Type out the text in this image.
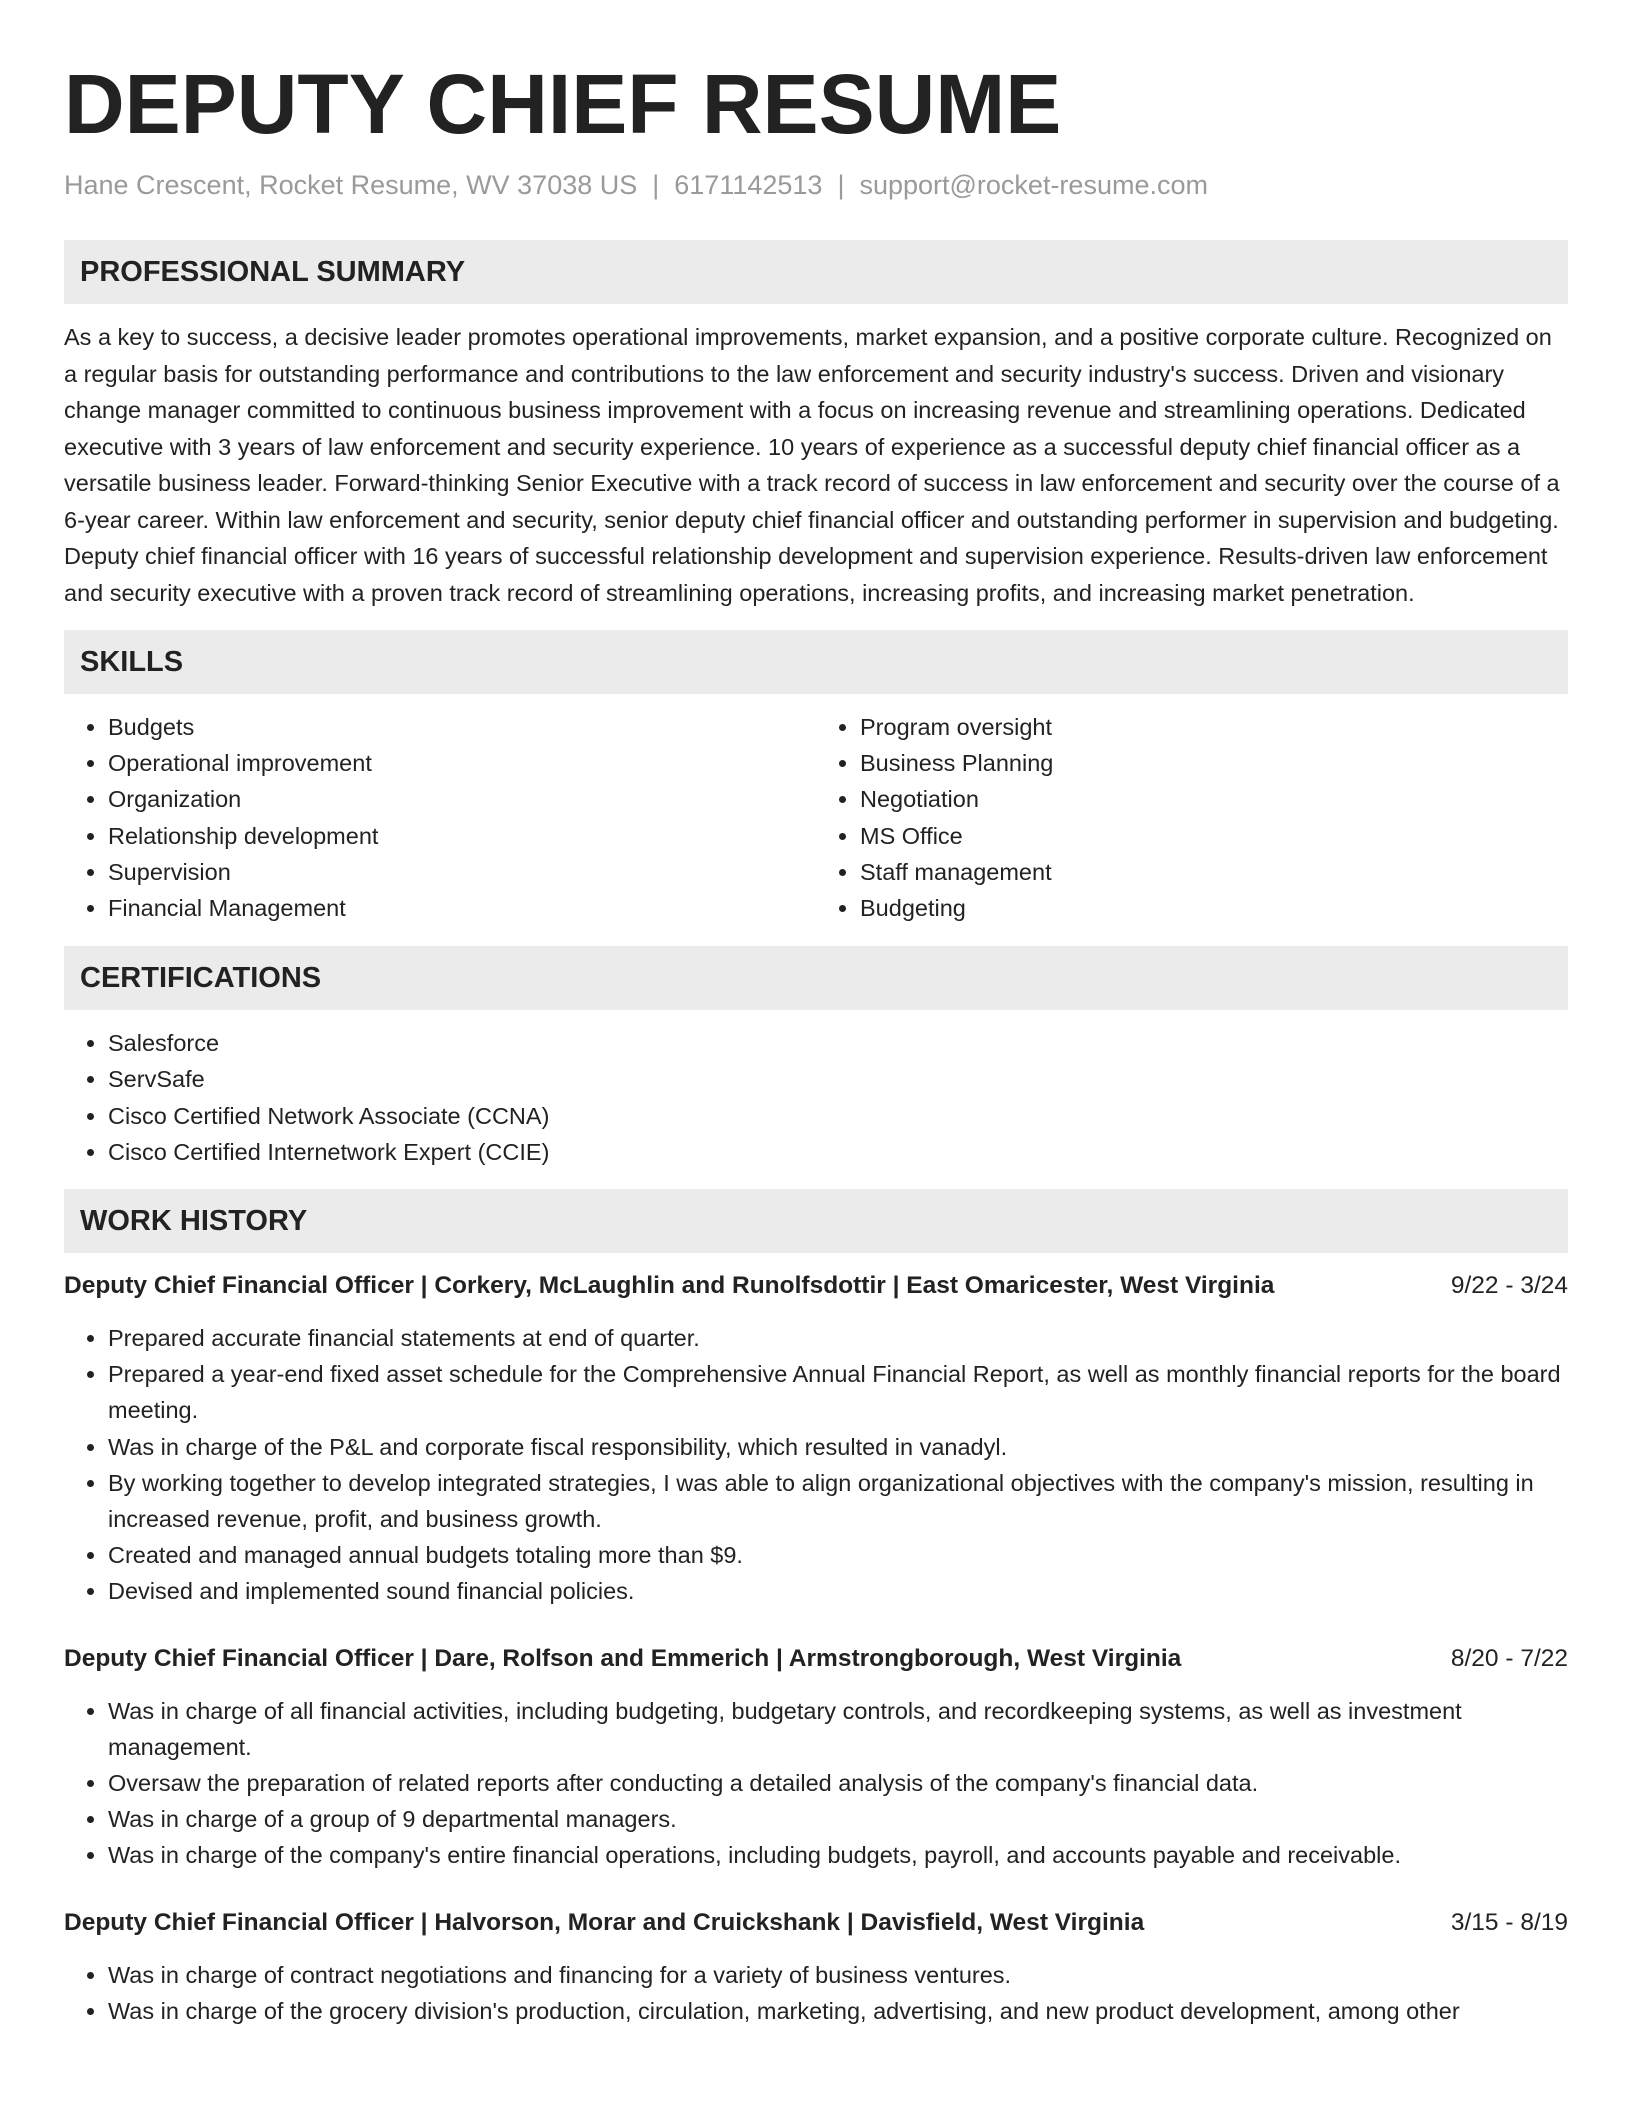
DEPUTY CHIEF RESUME
Hane Crescent, Rocket Resume, WV 37038 US | 6171142513 | support@rocket-resume.com
PROFESSIONAL SUMMARY

As a key to success, a decisive leader promotes operational improvements, market expansion, and a positive corporate culture. Recognized on a regular basis for outstanding performance and contributions to the law enforcement and security industry's success. Driven and visionary change manager committed to continuous business improvement with a focus on increasing revenue and streamlining operations. Dedicated executive with 3 years of law enforcement and security experience. 10 years of experience as a successful deputy chief financial officer as a versatile business leader. Forward-thinking Senior Executive with a track record of success in law enforcement and security over the course of a 6-year career. Within law enforcement and security, senior deputy chief financial officer and outstanding performer in supervision and budgeting. Deputy chief financial officer with 16 years of successful relationship development and supervision experience. Results-driven law enforcement and security executive with a proven track record of streamlining operations, increasing profits, and increasing market penetration.

SKILLS
• Budgets
• Operational improvement
• Organization
• Relationship development
• Supervision
• Financial Management
• Program oversight
• Business Planning
• Negotiation
• MS Office
• Staff management
• Budgeting
CERTIFICATIONS
• Salesforce
• ServSafe
• Cisco Certified Network Associate (CCNA)
• Cisco Certified Internetwork Expert (CCIE)
WORK HISTORY
Deputy Chief Financial Officer | Corkery, McLaughlin and Runolfsdottir | East Omaricester, West Virginia	9/22 - 3/24
• Prepared accurate financial statements at end of quarter.
• Prepared a year-end fixed asset schedule for the Comprehensive Annual Financial Report, as well as monthly financial reports for the board meeting.
• Was in charge of the P&L and corporate fiscal responsibility, which resulted in vanadyl.
• By working together to develop integrated strategies, I was able to align organizational objectives with the company's mission, resulting in increased revenue, profit, and business growth.
• Created and managed annual budgets totaling more than $9.
• Devised and implemented sound financial policies.
Deputy Chief Financial Officer | Dare, Rolfson and Emmerich | Armstrongborough, West Virginia	8/20 - 7/22
• Was in charge of all financial activities, including budgeting, budgetary controls, and recordkeeping systems, as well as investment management.
• Oversaw the preparation of related reports after conducting a detailed analysis of the company's financial data.
• Was in charge of a group of 9 departmental managers.
• Was in charge of the company's entire financial operations, including budgets, payroll, and accounts payable and receivable.
Deputy Chief Financial Officer | Halvorson, Morar and Cruickshank | Davisfield, West Virginia	3/15 - 8/19
• Was in charge of contract negotiations and financing for a variety of business ventures.
• Was in charge of the grocery division's production, circulation, marketing, advertising, and new product development, among other
